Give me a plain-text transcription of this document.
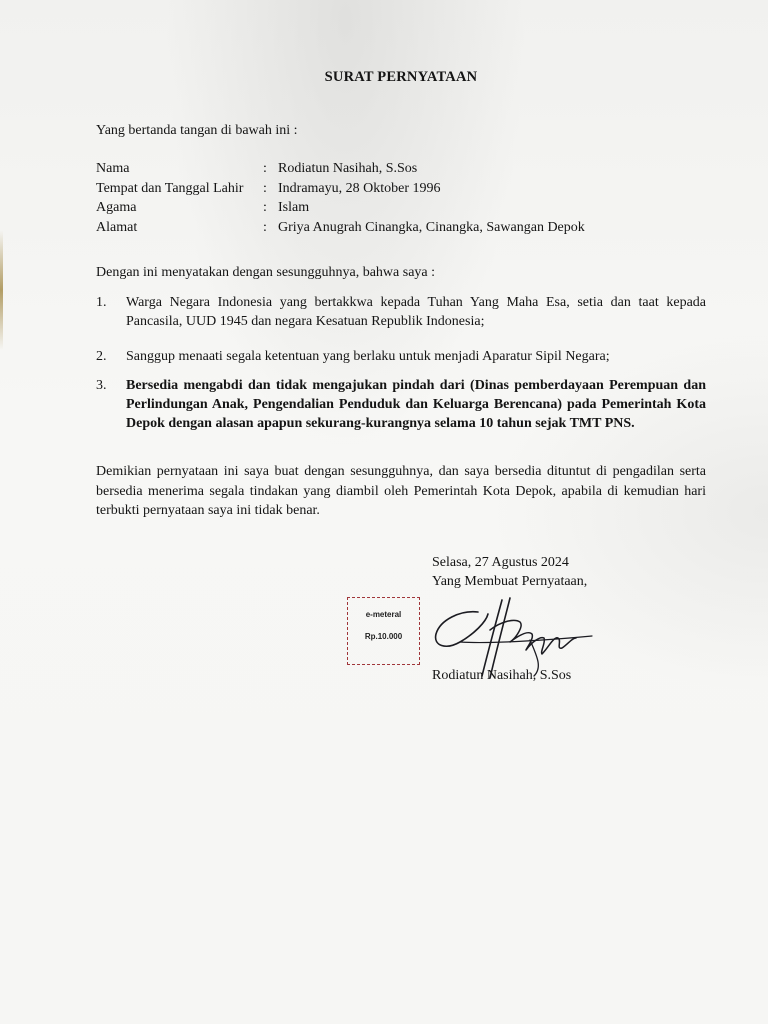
SURAT PERNYATAAN
Yang bertanda tangan di bawah ini :
Nama	: Rodiatun Nasihah, S.Sos
Tempat dan Tanggal Lahir	: Indramayu, 28 Oktober 1996
Agama	: Islam
Alamat	: Griya Anugrah Cinangka, Cinangka, Sawangan Depok
Dengan ini menyatakan dengan sesungguhnya, bahwa saya :
1. Warga Negara Indonesia yang bertakkwa kepada Tuhan Yang Maha Esa, setia dan taat kepada Pancasila, UUD 1945 dan negara Kesatuan Republik Indonesia;
2. Sanggup menaati segala ketentuan yang berlaku untuk menjadi Aparatur Sipil Negara;
3. Bersedia mengabdi dan tidak mengajukan pindah dari (Dinas pemberdayaan Perempuan dan Perlindungan Anak, Pengendalian Penduduk dan Keluarga Berencana) pada Pemerintah Kota Depok dengan alasan apapun sekurang-kurangnya selama 10 tahun sejak TMT PNS.
Demikian pernyataan ini saya buat dengan sesungguhnya, dan saya bersedia dituntut di pengadilan serta bersedia menerima segala tindakan yang diambil oleh Pemerintah Kota Depok, apabila di kemudian hari terbukti pernyataan saya ini tidak benar.
Selasa, 27 Agustus 2024
Yang Membuat Pernyataan,
e-meteral
Rp.10.000
Rodiatun Nasihah, S.Sos
